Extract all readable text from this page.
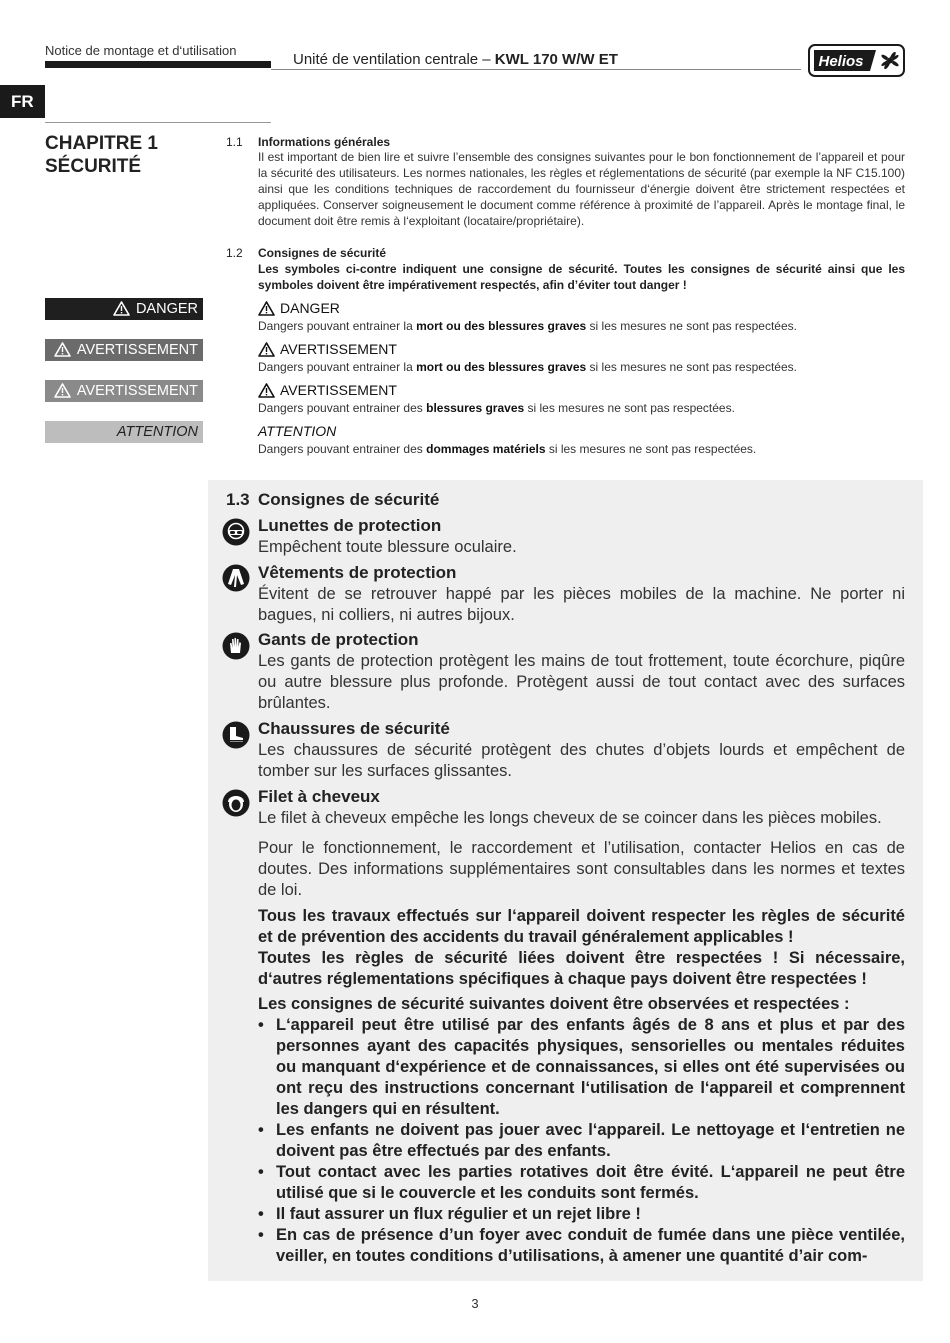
Notice de montage et d‘utilisation
Unité de ventilation centrale – KWL 170 W/W ET	Helios
FR
CHAPITRE 1
SÉCURITÉ
1.1 Informations générales
Il est important de bien lire et suivre l’ensemble des consignes suivantes pour le bon fonctionnement de l’appareil et pour la sécurité des utilisateurs. Les normes nationales, les règles et réglementations de sécurité (par exemple la NF C15.100) ainsi que les conditions techniques de raccordement du fournisseur d‘énergie doivent être strictement respectées et appliquées. Conserver soigneusement le document comme référence à proximité de l’appareil. Après le montage final, le document doit être remis à l‘exploitant (locataire/propriétaire).
1.2 Consignes de sécurité
Les symboles ci-contre indiquent une consigne de sécurité. Toutes les consignes de sécurité ainsi que les symboles doivent être impérativement respectés, afin d’éviter tout danger !
DANGER
AVERTISSEMENT
AVERTISSEMENT
ATTENTION
DANGER
Dangers pouvant entrainer la mort ou des blessures graves si les mesures ne sont pas respectées.
AVERTISSEMENT
Dangers pouvant entrainer la mort ou des blessures graves si les mesures ne sont pas respectées.
AVERTISSEMENT
Dangers pouvant entrainer des blessures graves si les mesures ne sont pas respectées.
ATTENTION
Dangers pouvant entrainer des dommages matériels si les mesures ne sont pas respectées.
1.3 Consignes de sécurité
Lunettes de protection
Empêchent toute blessure oculaire.
Vêtements de protection
Évitent de se retrouver happé par les pièces mobiles de la machine. Ne porter ni bagues, ni colliers, ni autres bijoux.
Gants de protection
Les gants de protection protègent les mains de tout frottement, toute écorchure, piqûre ou autre blessure plus profonde. Protègent aussi de tout contact avec des surfaces brûlantes.
Chaussures de sécurité
Les chaussures de sécurité protègent des chutes d’objets lourds et empêchent de tomber sur les surfaces glissantes.
Filet à cheveux
Le filet à cheveux empêche les longs cheveux de se coincer dans les pièces mobiles.
Pour le fonctionnement, le raccordement et l’utilisation, contacter Helios en cas de doutes. Des informations supplémentaires sont consultables dans les normes et textes de loi.
Tous les travaux effectués sur l‘appareil doivent respecter les règles de sécurité et de prévention des accidents du travail généralement applicables !
Toutes les règles de sécurité liées doivent être respectées ! Si nécessaire, d‘autres réglementations spécifiques à chaque pays doivent être respectées !
Les consignes de sécurité suivantes doivent être observées et respectées :
• L‘appareil peut être utilisé par des enfants âgés de 8 ans et plus et par des personnes ayant des capacités physiques, sensorielles ou mentales réduites ou manquant d‘expérience et de connaissances, si elles ont été supervisées ou ont reçu des instructions concernant l‘utilisation de l‘appareil et comprennent les dangers qui en résultent.
• Les enfants ne doivent pas jouer avec l‘appareil. Le nettoyage et l‘entretien ne doivent pas être effectués par des enfants.
• Tout contact avec les parties rotatives doit être évité. L‘appareil ne peut être utilisé que si le couvercle et les conduits sont fermés.
• Il faut assurer un flux régulier et un rejet libre !
• En cas de présence d’un foyer avec conduit de fumée dans une pièce ventilée, veiller, en toutes conditions d’utilisations, à amener une quantité d’air com-
3
